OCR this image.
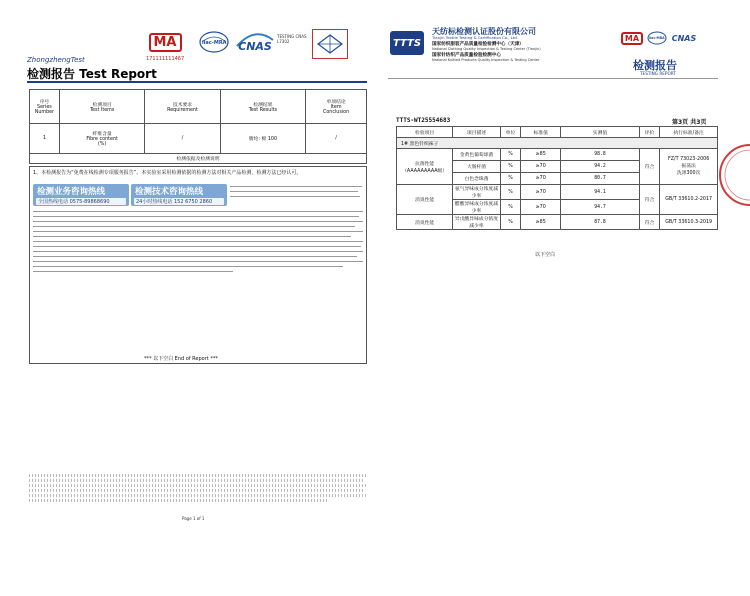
ZhongzhengTest
MA
171111111467
ilac-MRA CNAS
TESTING CNAS L7302
检测报告 Test Report
序号
Series
Number	检测项目
Test Items	技术要求
Requirement	检测结果
Test Results	单项结论
Item
Conclusion
1	纤维含量
Fibre content
(%)	/	腈纶: 棉 100	/
检测依据及检测说明				
1、本检测报告为“免费在线检测专项服务报告”。本实验室采用检测依据的检测方法对相关产品检测，检测方法已经认可。
检测业务咨询热线
全国热线电话 0575-89868690
检测技术咨询热线
24小时热线电话 152 6750 2860
*** 以下空白 End of Report ***
Page 1 of 1
TTTS
天纺标检测认证股份有限公司
Tianjin Textile Testing & Certification Co., Ltd.
国家纺织服装产品质量检验检测中心（天津）
National Clothing Quality Inspection & Testing Center (Tianjin)
国家针纺织产品质量检验检测中心
National Knitted Products Quality Inspection & Testing Center
MA	ilac-MRA CNAS
检测报告
TESTING REPORT
TTTS-WT25554683	第3页 共3页
检验项目	项目描述	单位	标准值	实测值	评价	执行标准/备注
1# 黑色针织袜子						
抗菌性能
（AAAAAAAAA级）	金黄色葡萄球菌	%	≥85	98.8	符合	FZ/T 73023-2006
振荡法
洗涤300次
	大肠杆菌	%	≥70	94.2		
	白色念珠菌	%	≥70	80.7		
消臭性能	氨气异味成分浓度减少率	%	≥70	94.1	符合	GB/T 33610.2-2017
	醋酸异味成分浓度减少率	%	≥70	94.7		
消臭性能	异戊酸异味成分浓度减少率	%	≥85	87.8	符合	GB/T 33610.3-2019
以下空白
